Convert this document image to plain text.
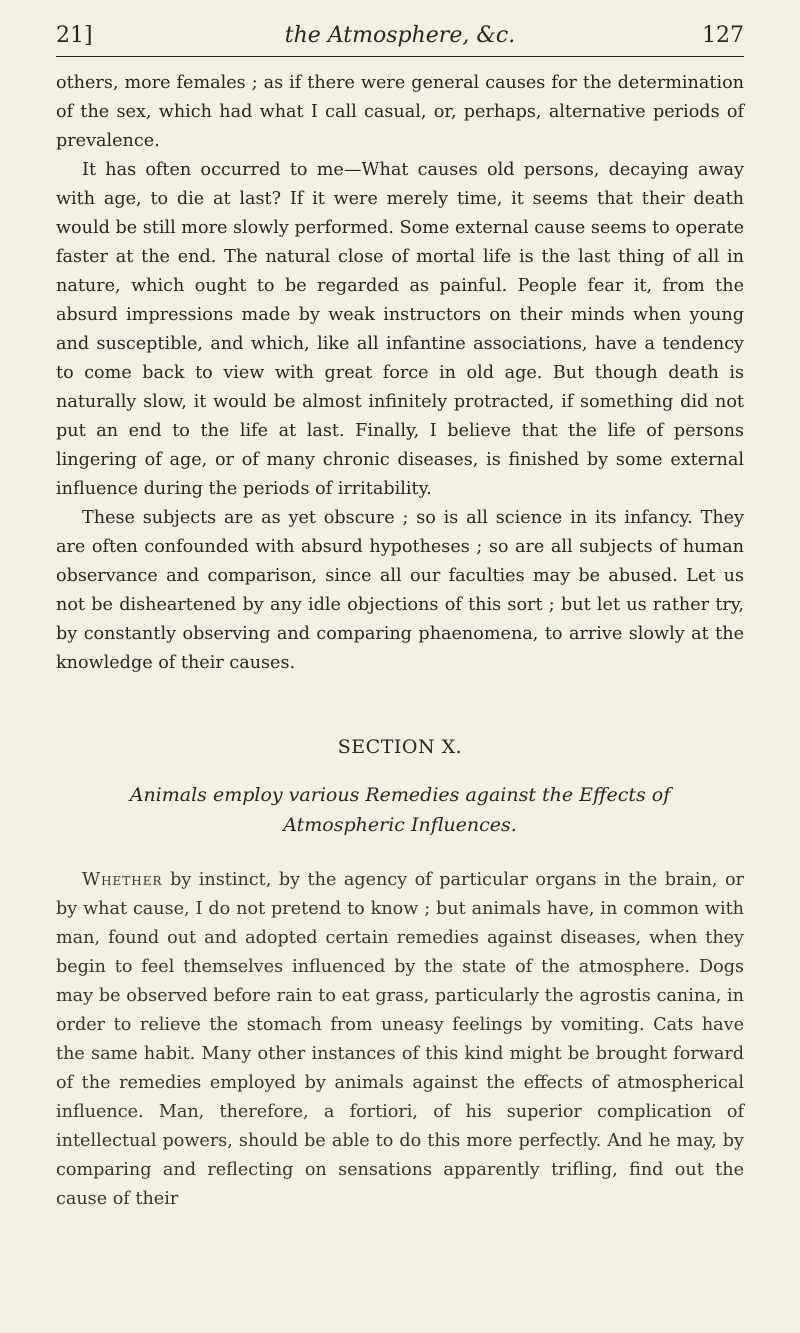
21]	the Atmosphere, &c.	127

others, more females ; as if there were general causes for the determination of the sex, which had what I call casual, or, perhaps, alternative periods of prevalence.

It has often occurred to me—What causes old persons, decaying away with age, to die at last? If it were merely time, it seems that their death would be still more slowly performed. Some external cause seems to operate faster at the end. The natural close of mortal life is the last thing of all in nature, which ought to be regarded as painful. People fear it, from the absurd impressions made by weak instructors on their minds when young and susceptible, and which, like all infantine associations, have a tendency to come back to view with great force in old age. But though death is naturally slow, it would be almost infinitely protracted, if something did not put an end to the life at last. Finally, I believe that the life of persons lingering of age, or of many chronic diseases, is finished by some external influence during the periods of irritability.

These subjects are as yet obscure ; so is all science in its infancy. They are often confounded with absurd hypotheses ; so are all subjects of human observance and comparison, since all our faculties may be abused. Let us not be disheartened by any idle objections of this sort ; but let us rather try, by constantly observing and comparing phaenomena, to arrive slowly at the knowledge of their causes.

SECTION X.
Animals employ various Remedies against the Effects of Atmospheric Influences.

Whether by instinct, by the agency of particular organs in the brain, or by what cause, I do not pretend to know ; but animals have, in common with man, found out and adopted certain remedies against diseases, when they begin to feel themselves influenced by the state of the atmosphere. Dogs may be observed before rain to eat grass, particularly the agrostis canina, in order to relieve the stomach from uneasy feelings by vomiting. Cats have the same habit. Many other instances of this kind might be brought forward of the remedies employed by animals against the effects of atmospherical influence. Man, therefore, a fortiori, of his superior complication of intellectual powers, should be able to do this more perfectly. And he may, by comparing and reflecting on sensations apparently trifling, find out the cause of their
